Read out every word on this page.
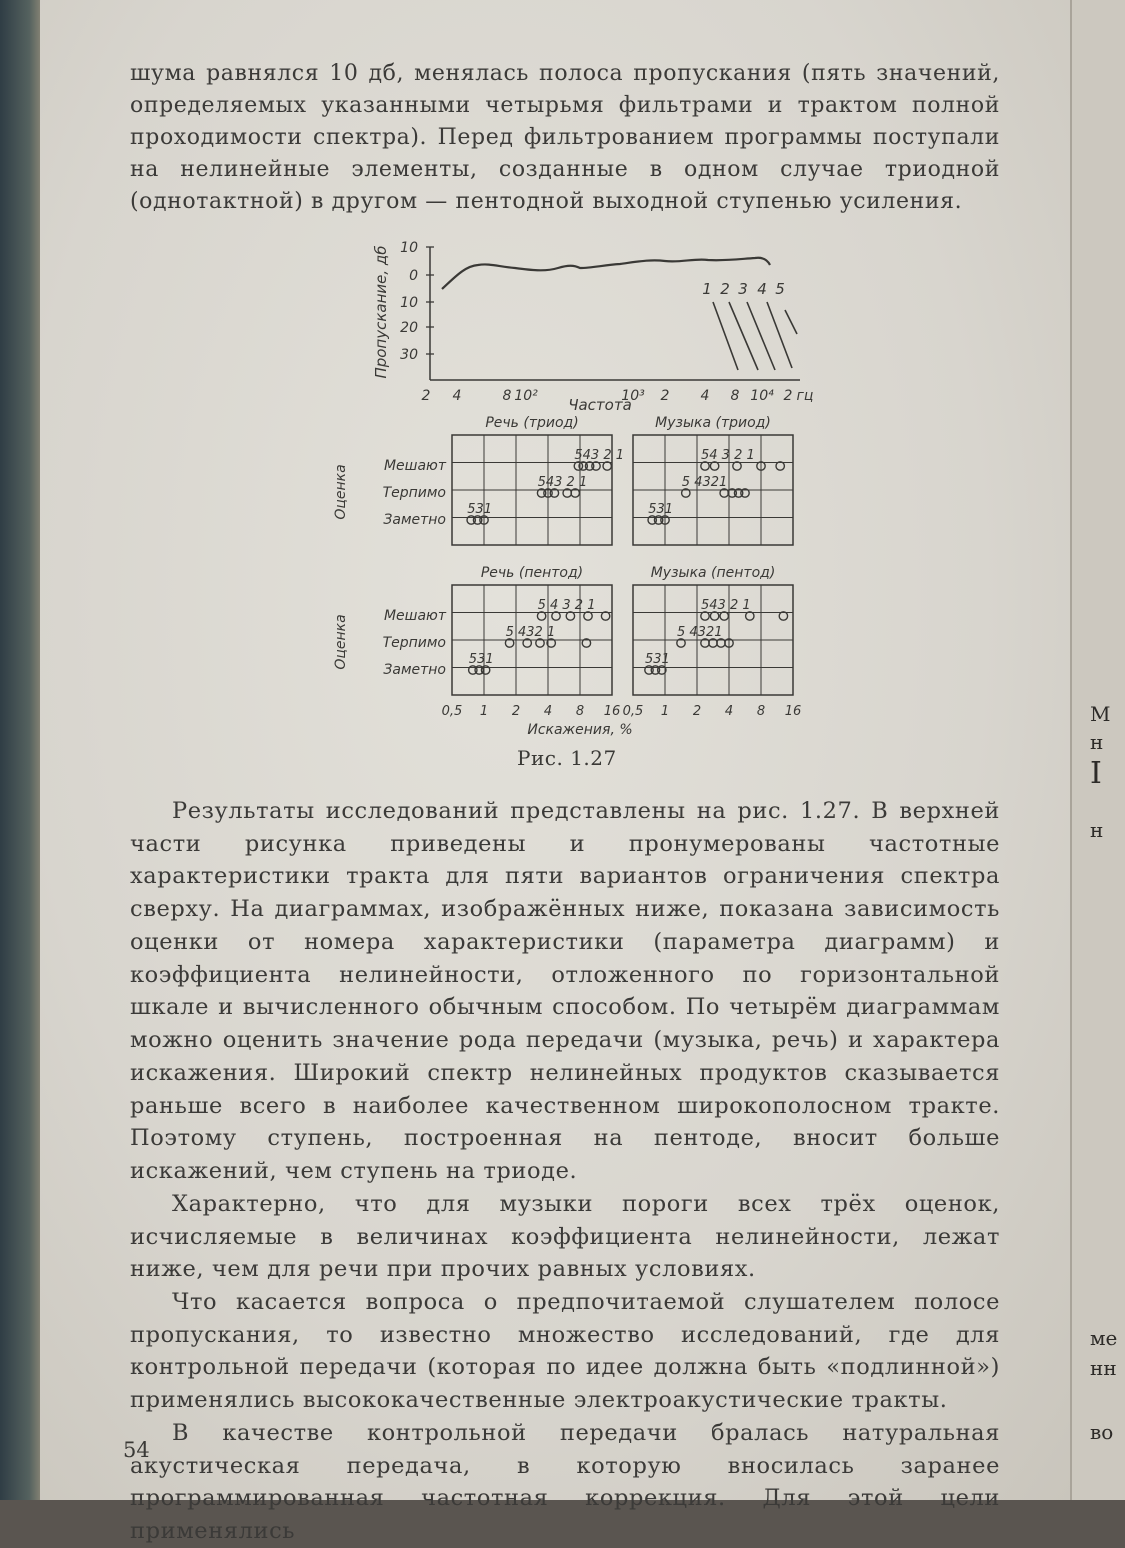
М
н
I
н
ме
нн
во

шума равнялся 10 дб, менялась полоса пропускания (пять значений, определяемых указанными четырьмя фильтрами и трактом полной проходимости спектра). Перед фильтрованием программы поступали на нелинейные элементы, созданные в одном случае триодной (однотактной) в другом — пентодной выходной ступенью усиления.

10
0
10
20
30
1 2 3 4 5
2 4	8 10²	10³ 2 4 8 10⁴ 2 гц
Пропускание, дб
Частота
Речь (триод)
543 2 1
543 2 1
531
Мешают
Терпимо
Заметно
Музыка (триод)
54 3 2 1
5 4321
531
Речь (пентод)
5 4 3 2 1
5 432 1
531
Мешают
Терпимо
Заметно
0,5 1 2 4 8 16
Музыка (пентод)
543 2 1
5 4321
531
0,5 1 2 4 8 16
Оценка
Оценка
Искажения, %
Рис. 1.27

Результаты исследований представлены на рис. 1.27. В верхней части рисунка приведены и пронумерованы частотные характеристики тракта для пяти вариантов ограничения спектра сверху. На диаграммах, изображённых ниже, показана зависимость оценки от номера характеристики (параметра диаграмм) и коэффициента нелинейности, отложенного по горизонтальной шкале и вычисленного обычным способом. По четырём диаграммам можно оценить значение рода передачи (музыка, речь) и характера искажения. Широкий спектр нелинейных продуктов сказывается раньше всего в наиболее качественном широкополосном тракте. Поэтому ступень, построенная на пентоде, вносит больше искажений, чем ступень на триоде.

Характерно, что для музыки пороги всех трёх оценок, исчисляемые в величинах коэффициента нелинейности, лежат ниже, чем для речи при прочих равных условиях.

Что касается вопроса о предпочитаемой слушателем полосе пропускания, то известно множество исследований, где для контрольной передачи (которая по идее должна быть «подлинной») применялись высококачественные электроакустические тракты.

В качестве контрольной передачи бралась натуральная акустическая передача, в которую вносилась заранее программированная частотная коррекция. Для этой цели применялись

54
